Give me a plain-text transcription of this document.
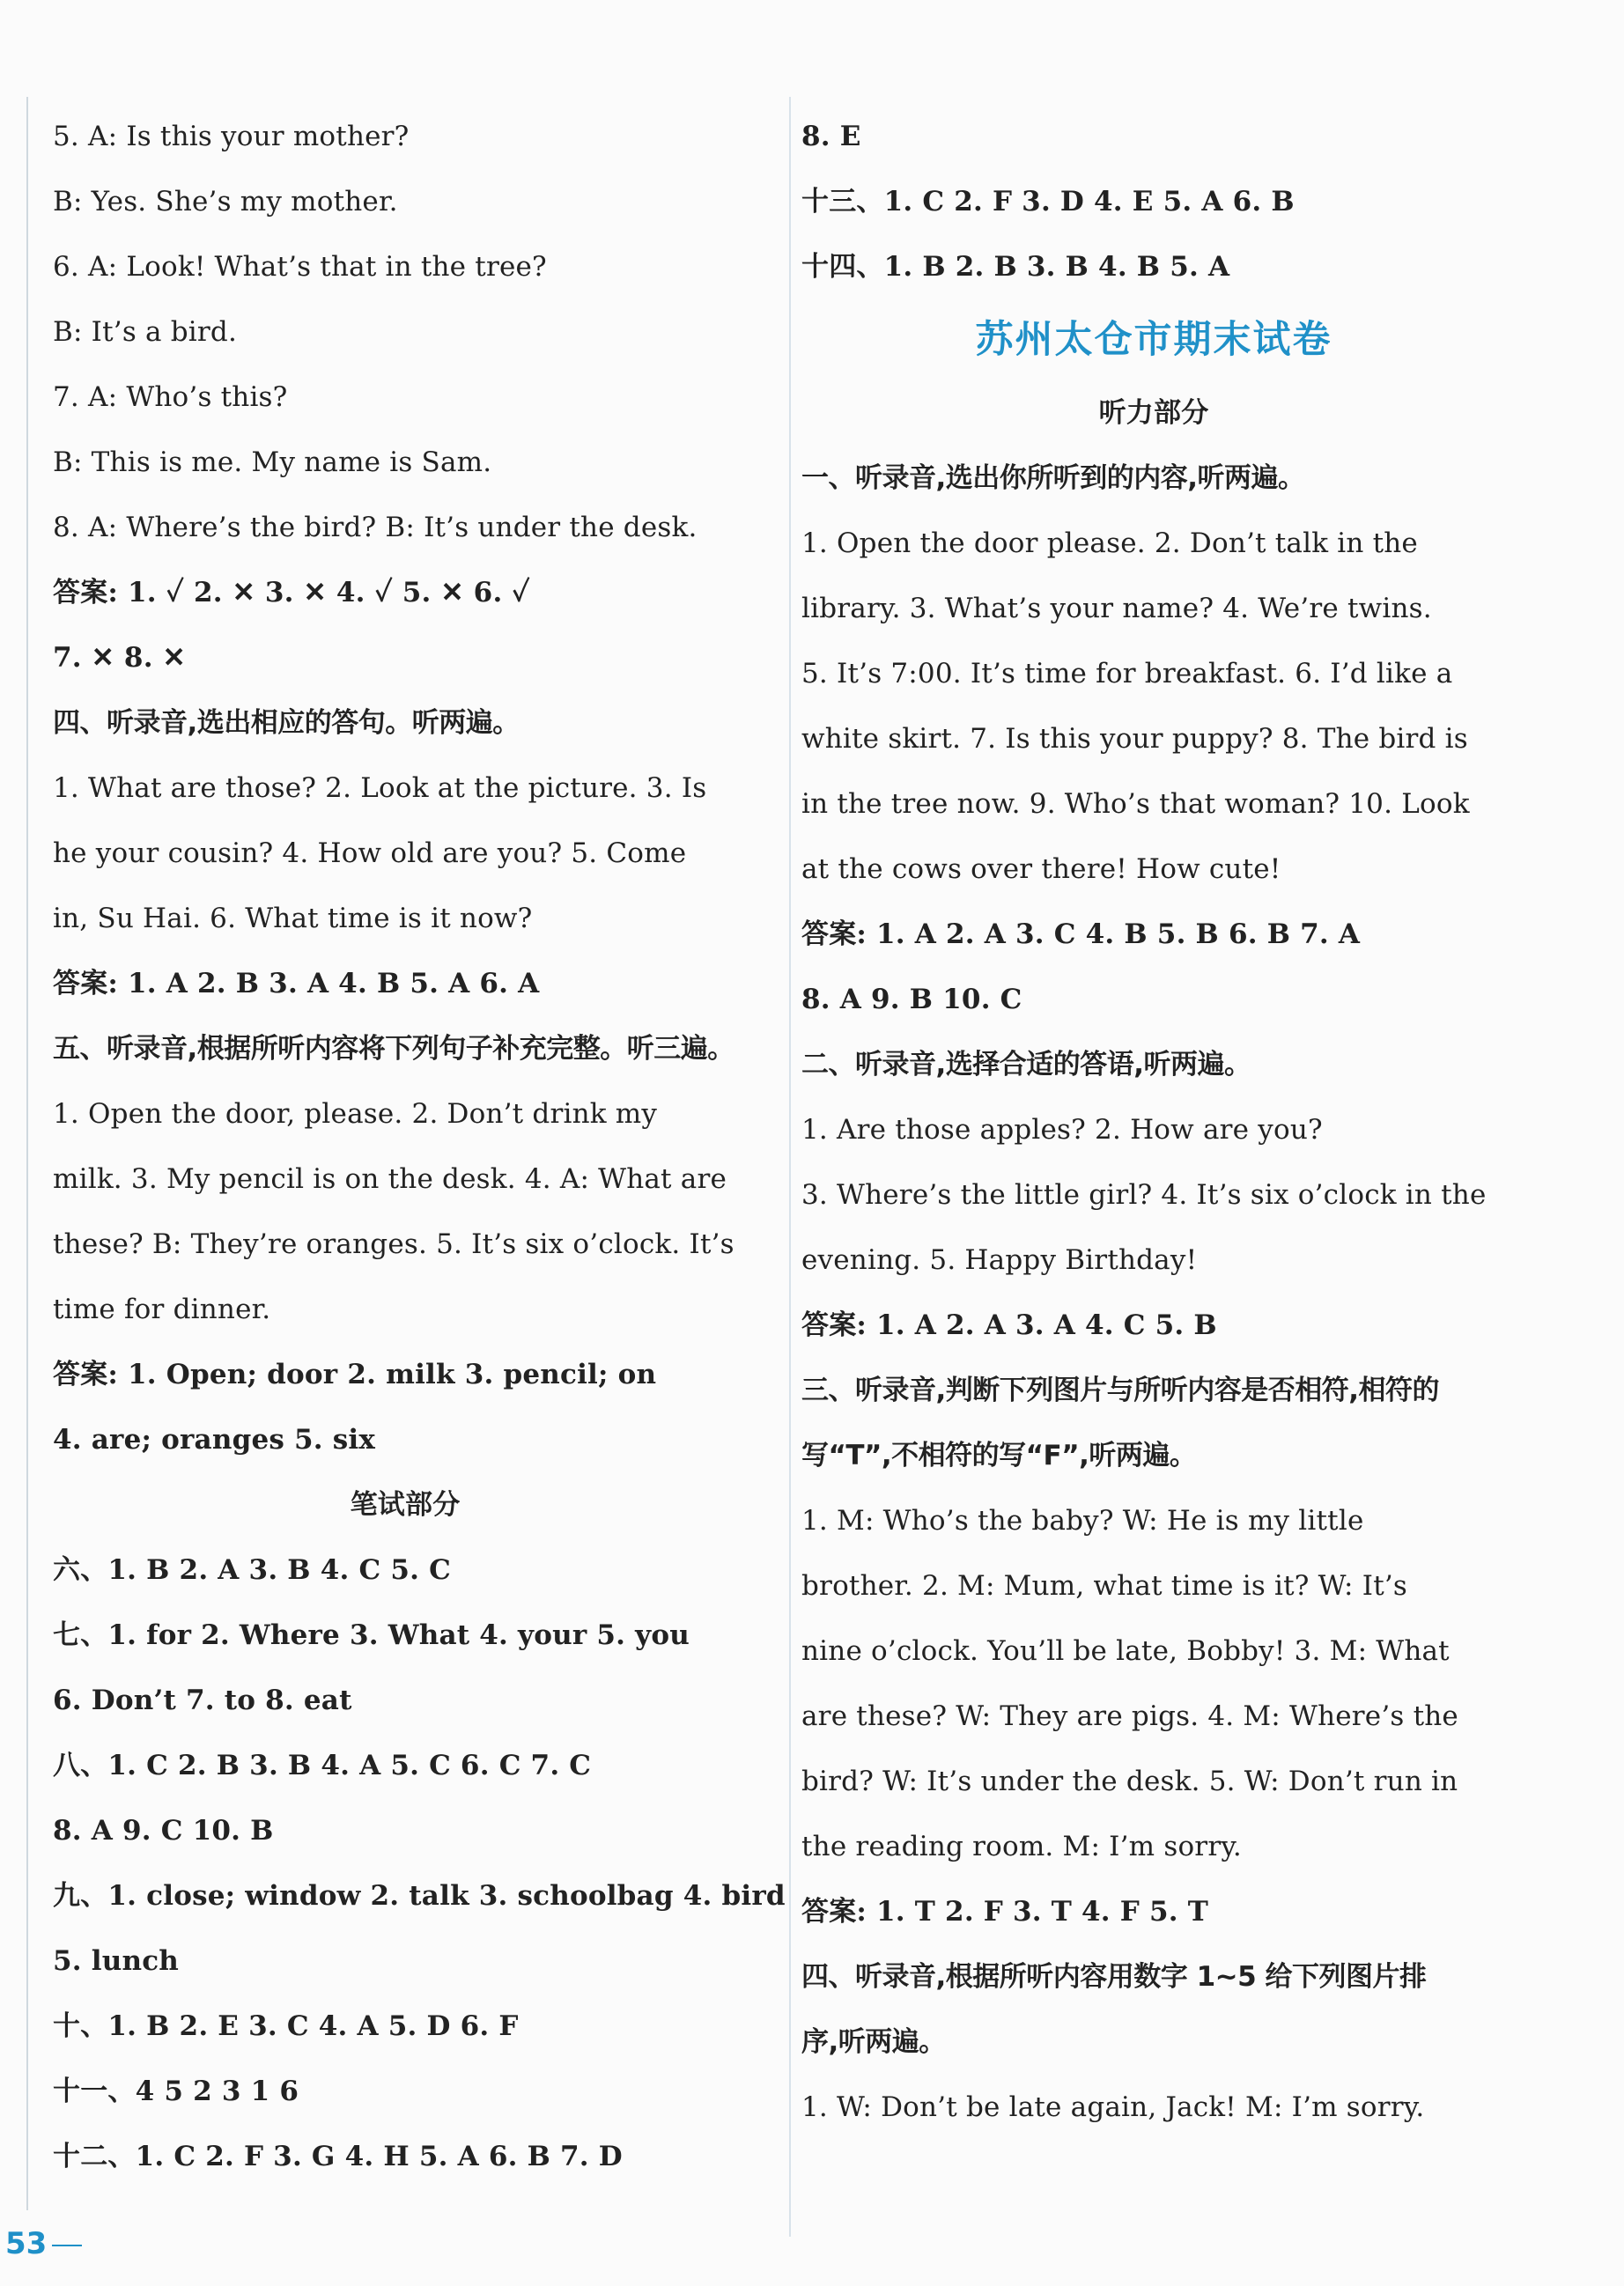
5. A: Is this your mother?
B: Yes. She’s my mother.
6. A: Look! What’s that in the tree?
B: It’s a bird.
7. A: Who’s this?
B: This is me. My name is Sam.
8. A: Where’s the bird? B: It’s under the desk.
答案: 1. ✓ 2. ✕ 3. ✕ 4. ✓ 5. ✕ 6. ✓
7. ✕ 8. ✕
四、听录音,选出相应的答句。听两遍。
1. What are those? 2. Look at the picture. 3. Is
he your cousin? 4. How old are you? 5. Come
in, Su Hai. 6. What time is it now?
答案: 1. A 2. B 3. A 4. B 5. A 6. A
五、听录音,根据所听内容将下列句子补充完整。听三遍。
1. Open the door, please. 2. Don’t drink my
milk. 3. My pencil is on the desk. 4. A: What are
these? B: They’re oranges. 5. It’s six o’clock. It’s
time for dinner.
答案: 1. Open; door 2. milk 3. pencil; on
4. are; oranges 5. six
笔试部分
六、1. B 2. A 3. B 4. C 5. C
七、1. for 2. Where 3. What 4. your 5. you
6. Don’t 7. to 8. eat
八、1. C 2. B 3. B 4. A 5. C 6. C 7. C
8. A 9. C 10. B
九、1. close; window 2. talk 3. schoolbag 4. bird
5. lunch
十、1. B 2. E 3. C 4. A 5. D 6. F
十一、4 5 2 3 1 6
十二、1. C 2. F 3. G 4. H 5. A 6. B 7. D
8. E
十三、1. C 2. F 3. D 4. E 5. A 6. B
十四、1. B 2. B 3. B 4. B 5. A
苏州太仓市期末试卷
听力部分
一、听录音,选出你所听到的内容,听两遍。
1. Open the door please. 2. Don’t talk in the
library. 3. What’s your name? 4. We’re twins.
5. It’s 7:00. It’s time for breakfast. 6. I’d like a
white skirt. 7. Is this your puppy? 8. The bird is
in the tree now. 9. Who’s that woman? 10. Look
at the cows over there! How cute!
答案: 1. A 2. A 3. C 4. B 5. B 6. B 7. A
8. A 9. B 10. C
二、听录音,选择合适的答语,听两遍。
1. Are those apples? 2. How are you?
3. Where’s the little girl? 4. It’s six o’clock in the
evening. 5. Happy Birthday!
答案: 1. A 2. A 3. A 4. C 5. B
三、听录音,判断下列图片与所听内容是否相符,相符的
写“T”,不相符的写“F”,听两遍。
1. M: Who’s the baby? W: He is my little
brother. 2. M: Mum, what time is it? W: It’s
nine o’clock. You’ll be late, Bobby! 3. M: What
are these? W: They are pigs. 4. M: Where’s the
bird? W: It’s under the desk. 5. W: Don’t run in
the reading room. M: I’m sorry.
答案: 1. T 2. F 3. T 4. F 5. T
四、听录音,根据所听内容用数字 1~5 给下列图片排
序,听两遍。
1. W: Don’t be late again, Jack! M: I’m sorry.
53
